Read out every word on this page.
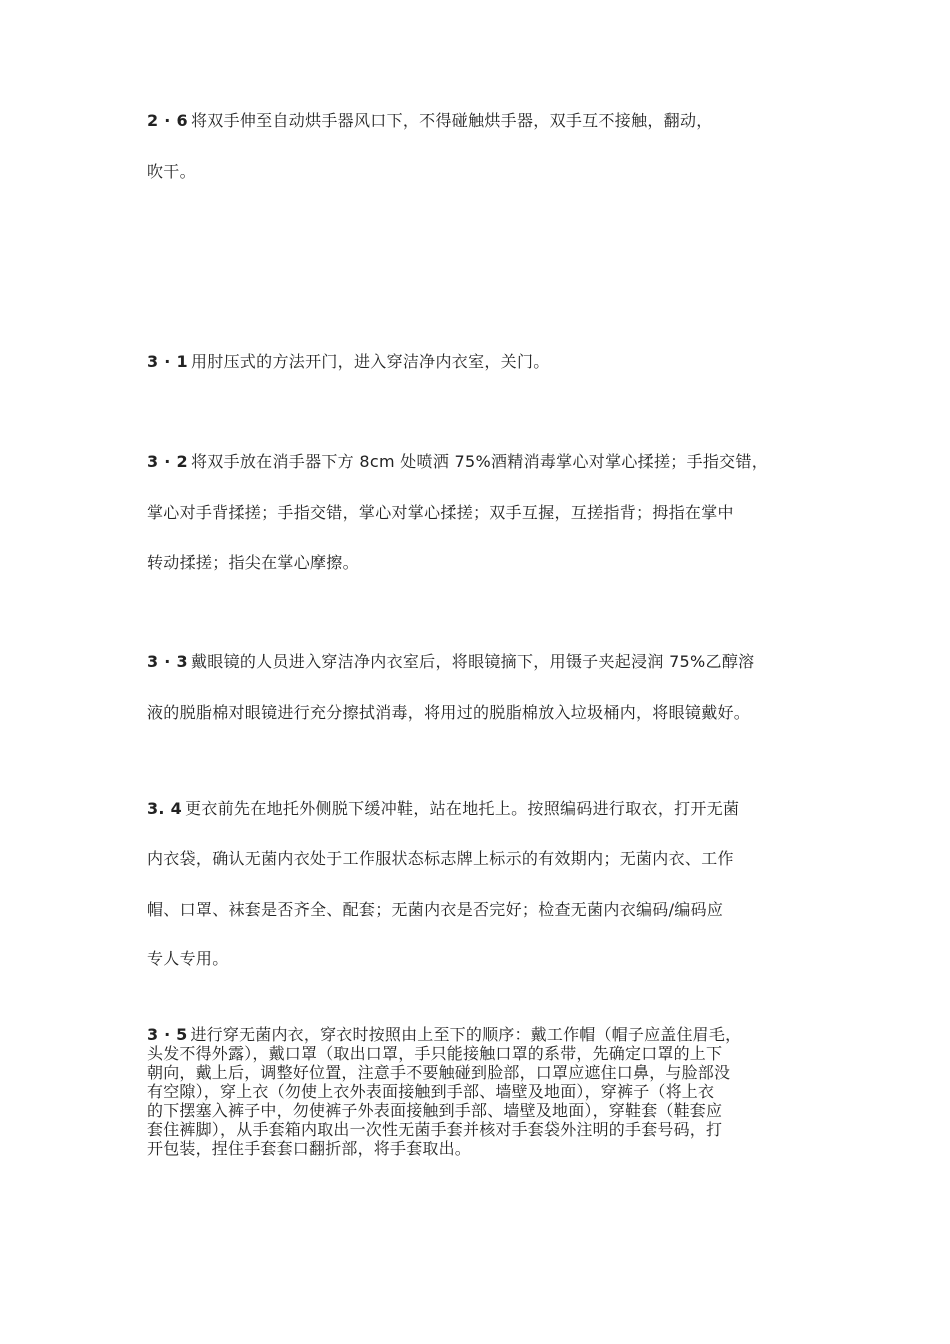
2 · 6 将双手伸至自动烘手器风口下，不得碰触烘手器，双手互不接触，翻动，
吹干。
3 · 1 用肘压式的方法开门，进入穿洁净内衣室，关门。
3 · 2 将双手放在消手器下方 8cm 处喷洒 75%酒精消毒掌心对掌心揉搓；手指交错，
掌心对手背揉搓；手指交错，掌心对掌心揉搓；双手互握，互搓指背；拇指在掌中
转动揉搓；指尖在掌心摩擦。
3 · 3 戴眼镜的人员进入穿洁净内衣室后，将眼镜摘下，用镊子夹起浸润 75%乙醇溶
液的脱脂棉对眼镜进行充分擦拭消毒，将用过的脱脂棉放入垃圾桶内，将眼镜戴好。
3. 4 更衣前先在地托外侧脱下缓冲鞋，站在地托上。按照编码进行取衣，打开无菌
内衣袋，确认无菌内衣处于工作服状态标志牌上标示的有效期内；无菌内衣、工作
帽、口罩、袜套是否齐全、配套；无菌内衣是否完好；检查无菌内衣编码/编码应
专人专用。
3 · 5 进行穿无菌内衣，穿衣时按照由上至下的顺序：戴工作帽（帽子应盖住眉毛，
头发不得外露），戴口罩（取出口罩，手只能接触口罩的系带，先确定口罩的上下
朝向，戴上后，调整好位置，注意手不要触碰到脸部，口罩应遮住口鼻，与脸部没
有空隙），穿上衣（勿使上衣外表面接触到手部、墙壁及地面），穿裤子（将上衣
的下摆塞入裤子中，勿使裤子外表面接触到手部、墙壁及地面），穿鞋套（鞋套应
套住裤脚），从手套箱内取出一次性无菌手套并核对手套袋外注明的手套号码，打
开包装，捏住手套套口翻折部，将手套取出。
